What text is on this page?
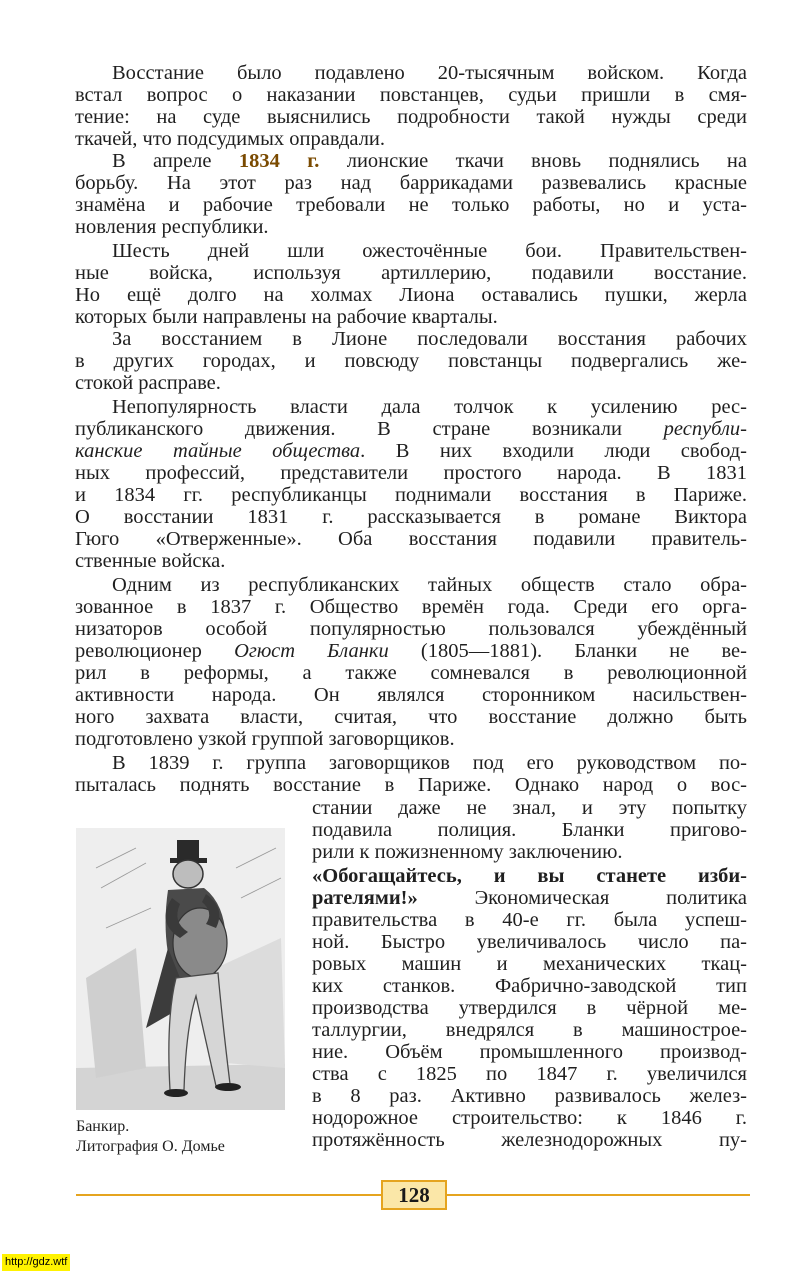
Восстание было подавлено 20-тысячным войском. Когда
встал вопрос о наказании повстанцев, судьи пришли в смя-
тение: на суде выяснились подробности такой нужды среди
ткачей, что подсудимых оправдали.
В апреле 1834 г. лионские ткачи вновь поднялись на
борьбу. На этот раз над баррикадами развевались красные
знамёна и рабочие требовали не только работы, но и уста-
новления республики.
Шесть дней шли ожесточённые бои. Правительствен-
ные войска, используя артиллерию, подавили восстание.
Но ещё долго на холмах Лиона оставались пушки, жерла
которых были направлены на рабочие кварталы.
За восстанием в Лионе последовали восстания рабочих
в других городах, и повсюду повстанцы подвергались же-
стокой расправе.
Непопулярность власти дала толчок к усилению рес-
публиканского движения. В стране возникали республи-
канские тайные общества. В них входили люди свобод-
ных профессий, представители простого народа. В 1831
и 1834 гг. республиканцы поднимали восстания в Париже.
О восстании 1831 г. рассказывается в романе Виктора
Гюго «Отверженные». Оба восстания подавили правитель-
ственные войска.
Одним из республиканских тайных обществ стало обра-
зованное в 1837 г. Общество времён года. Среди его орга-
низаторов особой популярностью пользовался убеждённый
революционер Огюст Бланки (1805—1881). Бланки не ве-
рил в реформы, а также сомневался в революционной
активности народа. Он являлся сторонником насильствен-
ного захвата власти, считая, что восстание должно быть
подготовлено узкой группой заговорщиков.
В 1839 г. группа заговорщиков под его руководством по-
пыталась поднять восстание в Париже. Однако народ о вос-
стании даже не знал, и эту попытку
подавила полиция. Бланки пригово-
рили к пожизненному заключению.
«Обогащайтесь, и вы станете изби-
рателями!» Экономическая политика
правительства в 40-е гг. была успеш-
ной. Быстро увеличивалось число па-
ровых машин и механических ткац-
ких станков. Фабрично-заводской тип
производства утвердился в чёрной ме-
таллургии, внедрялся в машинострое-
ние. Объём промышленного производ-
ства с 1825 по 1847 г. увеличился
в 8 раз. Активно развивалось желез-
нодорожное строительство: к 1846 г.
протяжённость железнодорожных пу-
Банкир.
Литография О. Домье
128
http://gdz.wtf
